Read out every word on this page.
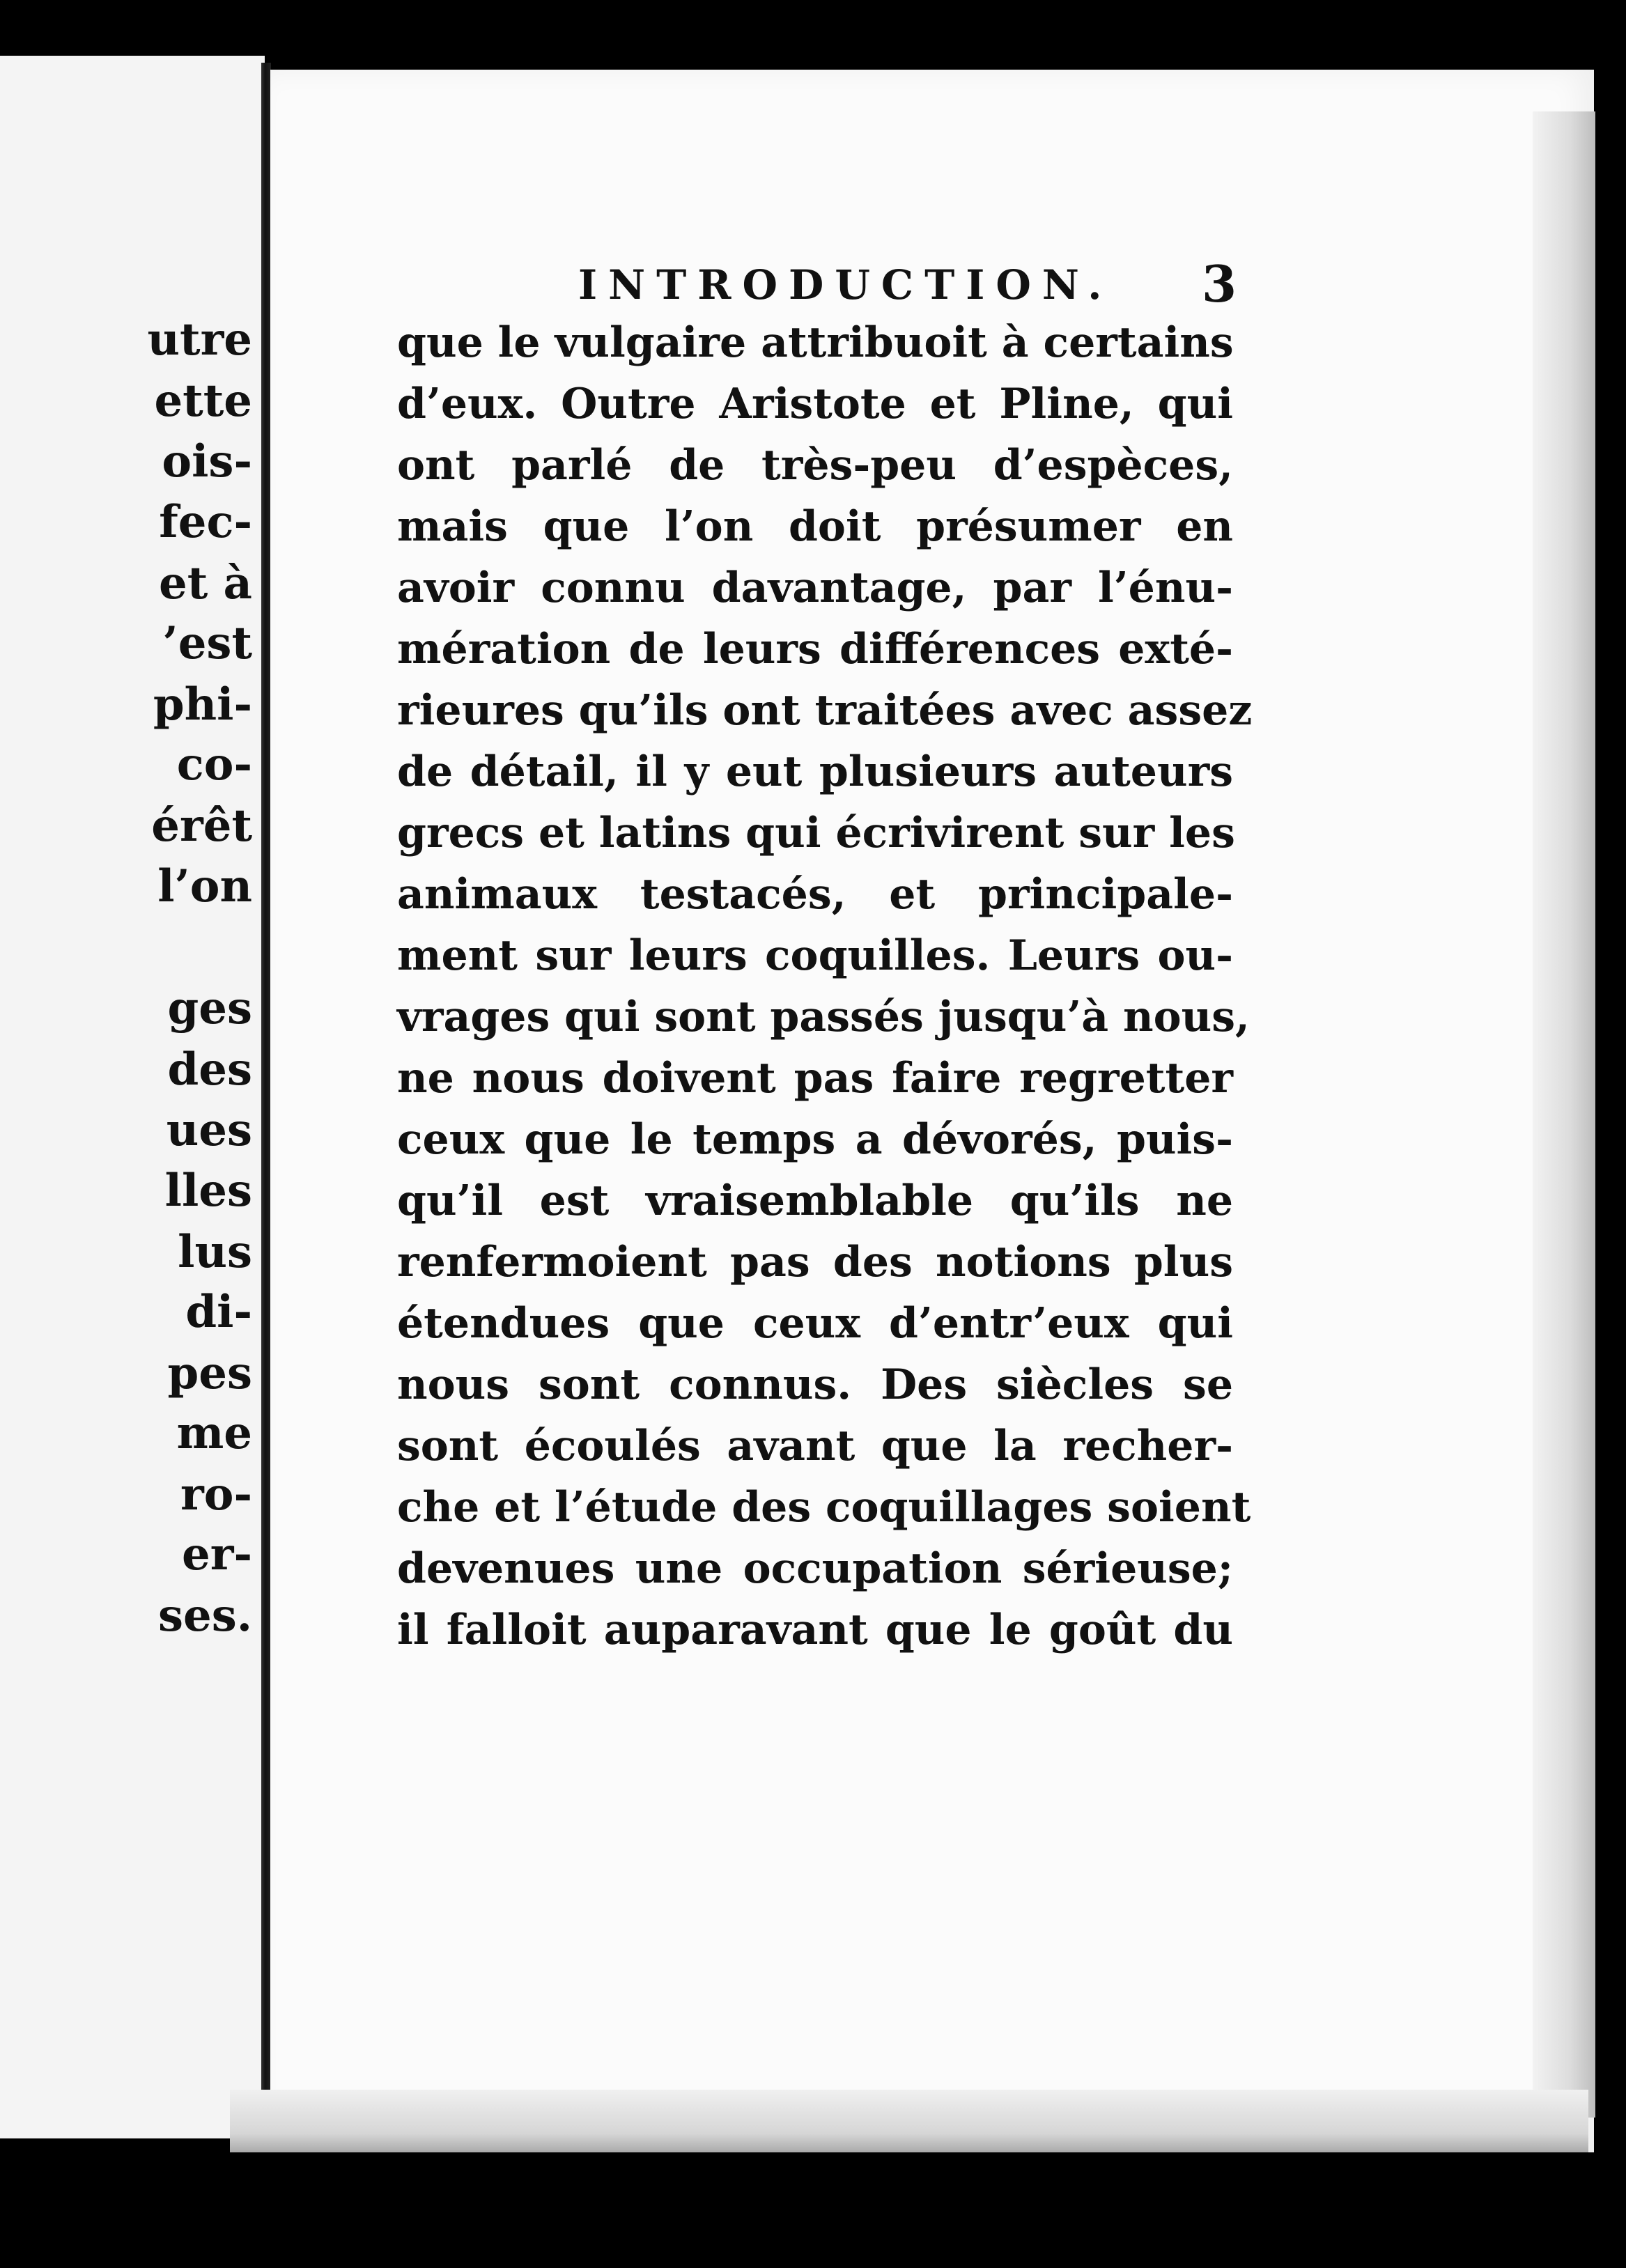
utre
ette
ois-
fec-
et à
’est
phi-
co-
érêt
l’on
ges
des
ues
lles
lus
di-
pes
me
ro-
er-
ses.
INTRODUCTION. 3
que le vulgaire attribuoit à certains
d’eux. Outre Aristote et Pline, qui
ont parlé de très-peu d’espèces,
mais que l’on doit présumer en
avoir connu davantage, par l’énu-
mération de leurs différences exté-
rieures qu’ils ont traitées avec assez
de détail, il y eut plusieurs auteurs
grecs et latins qui écrivirent sur les
animaux testacés, et principale-
ment sur leurs coquilles. Leurs ou-
vrages qui sont passés jusqu’à nous,
ne nous doivent pas faire regretter
ceux que le temps a dévorés, puis-
qu’il est vraisemblable qu’ils ne
renfermoient pas des notions plus
étendues que ceux d’entr’eux qui
nous sont connus. Des siècles se
sont écoulés avant que la recher-
che et l’étude des coquillages soient
devenues une occupation sérieuse;
il falloit auparavant que le goût du
